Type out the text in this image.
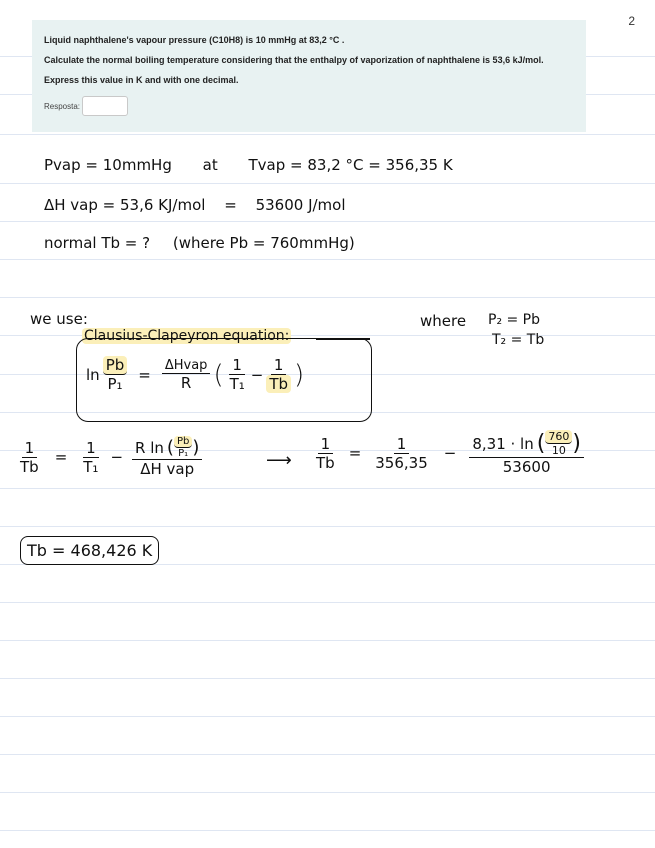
2
Liquid naphthalene's vapour pressure (C10H8) is 10 mmHg at 83,2 °C .
Calculate the normal boiling temperature considering that the enthalpy of vaporization of naphthalene is 53,6 kJ/mol.
Express this value in K and with one decimal.
Resposta:
Pvap = 10mmHg at Tvap = 83,2 °C = 356,35 K
ΔH vap = 53,6 KJ/mol = 53600 J/mol
normal Tb = ? (where Pb = 760mmHg)
we use:	where P₂ = Pb
T₂ = Tb
Clausius-Clapeyron equation:
$\ln \frac{Pb}{\text{P₁}} = \frac{\text{ΔHvap}}{R}$ ( $\frac{1}{\text{T₁}} - \frac{1}{Tb}$ )
$\frac{1}{Tb} = \frac{1}{\text{T₁}} - \frac{R \ln ( \frac{Pb}{\text{P₁}} )}{\text{ΔH vap}}$	⟶ $\frac{1}{Tb} = \frac{1}{356,35}$ −
8,31 · ln ( $\frac{760}{10}$ )
53600
Tb = 468,426 K
